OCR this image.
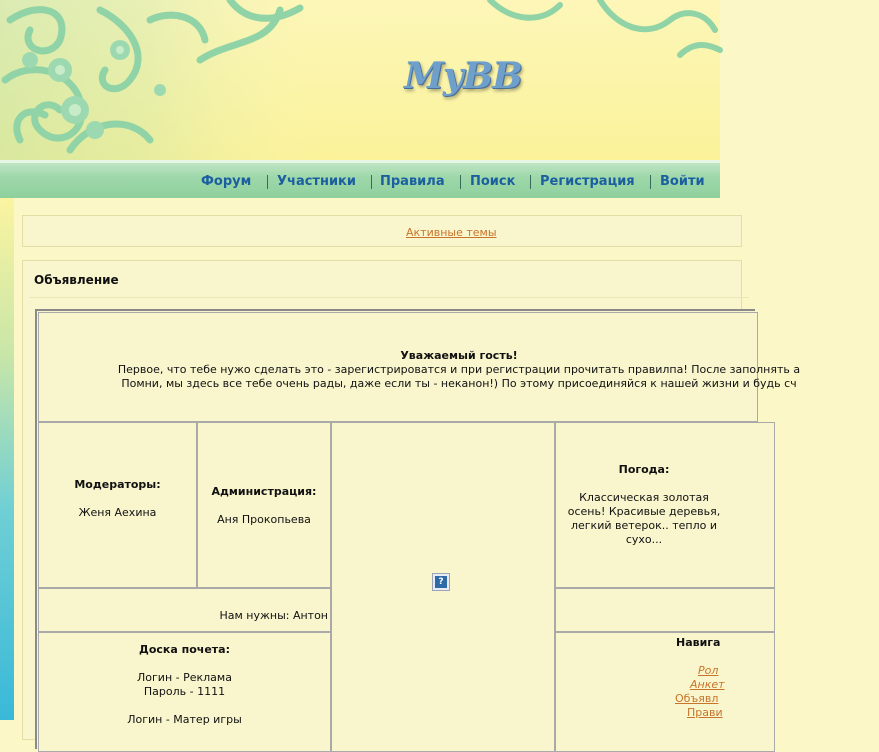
MyBB
Форум Участники Правила Поиск Регистрация Войти
Активные темы
Объявление
Уважаемый гость!
Первое, что тебе нужо сделать это - зарегистрироватся и при регистрации прочитать правилпа! После заполнять а
Помни, мы здесь все тебе очень рады, даже если ты - неканон!) По этому присоединяйся к нашей жизни и будь сч
Модераторы:
Женя Аехина
Администрация:
Аня Прокопьева
?
Погода:
Классическая золотая
осень! Красивые деревья,
легкий ветерок.. тепло и
сухо...
Нам нужны: Антон
Доска почета:
Логин - Реклама
Пароль - 1111
Логин - Матер игры
Навига
Рол
Анкет
Объявл
Прави
